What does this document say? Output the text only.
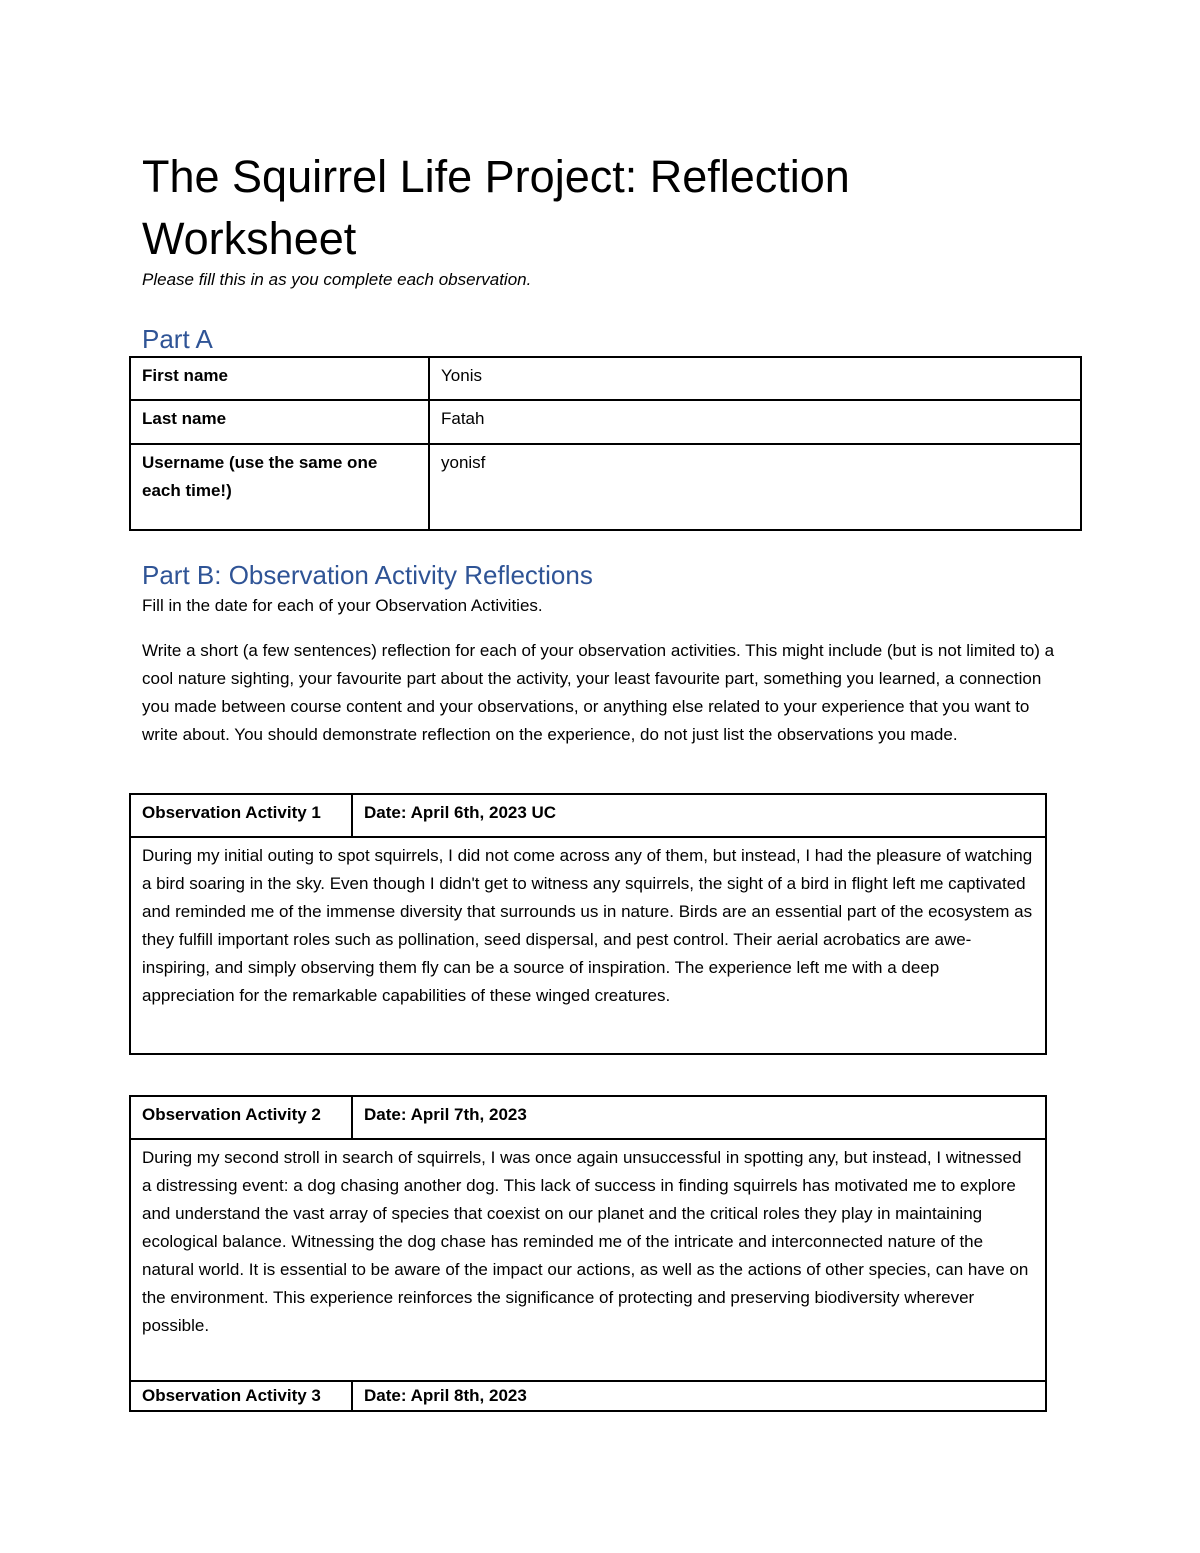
The Squirrel Life Project: Reflection Worksheet
Please fill this in as you complete each observation.
Part A
First name	Yonis
Last name	Fatah
Username (use the same one each time!)	yonisf
Part B: Observation Activity Reflections

Fill in the date for each of your Observation Activities.

Write a short (a few sentences) reflection for each of your observation activities. This might include (but is not limited to) a cool nature sighting, your favourite part about the activity, your least favourite part, something you learned, a connection you made between course content and your observations, or anything else related to your experience that you want to write about. You should demonstrate reflection on the experience, do not just list the observations you made.

Observation Activity 1	Date: April 6th, 2023 UC
During my initial outing to spot squirrels, I did not come across any of them, but instead, I had the pleasure of watching a bird soaring in the sky. Even though I didn't get to witness any squirrels, the sight of a bird in flight left me captivated and reminded me of the immense diversity that surrounds us in nature. Birds are an essential part of the ecosystem as they fulfill important roles such as pollination, seed dispersal, and pest control. Their aerial acrobatics are awe-inspiring, and simply observing them fly can be a source of inspiration. The experience left me with a deep appreciation for the remarkable capabilities of these winged creatures.
Observation Activity 2	Date: April 7th, 2023
During my second stroll in search of squirrels, I was once again unsuccessful in spotting any, but instead, I witnessed a distressing event: a dog chasing another dog. This lack of success in finding squirrels has motivated me to explore and understand the vast array of species that coexist on our planet and the critical roles they play in maintaining ecological balance. Witnessing the dog chase has reminded me of the intricate and interconnected nature of the natural world. It is essential to be aware of the impact our actions, as well as the actions of other species, can have on the environment. This experience reinforces the significance of protecting and preserving biodiversity wherever possible.
Observation Activity 3	Date: April 8th, 2023
